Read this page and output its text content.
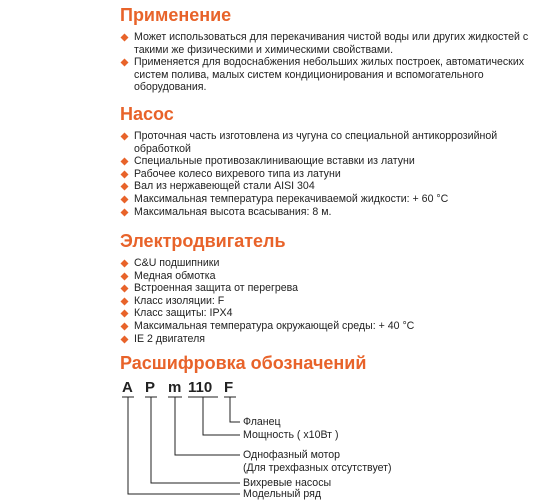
Применение
Может использоваться для перекачивания чистой воды или других жидкостей с такими же физическими и химическими свойствами.
Применяется для водоснабжения небольших жилых построек, автоматических систем полива, малых систем кондиционирования и вспомогательного оборудования.
Насос
Проточная часть изготовлена из чугуна со специальной антикоррозийной обработкой
Специальные противозаклинивающие вставки из латуни
Рабочее колесо вихревого типа из латуни
Вал из нержавеющей стали AISI 304
Максимальная температура перекачиваемой жидкости: + 60 °C
Максимальная высота всасывания: 8 м.
Электродвигатель
C&U подшипники
Медная обмотка
Встроенная защита от перегрева
Класс изоляции: F
Класс защиты: IPX4
Максимальная температура окружающей среды: + 40 °C
IE 2 двигателя
Расшифровка обозначений
A P m 110 F
Фланец
Мощность ( х10Вт )
Однофазный мотор
(Для трехфазных отсутствует)
Вихревые насосы
Модельный ряд
